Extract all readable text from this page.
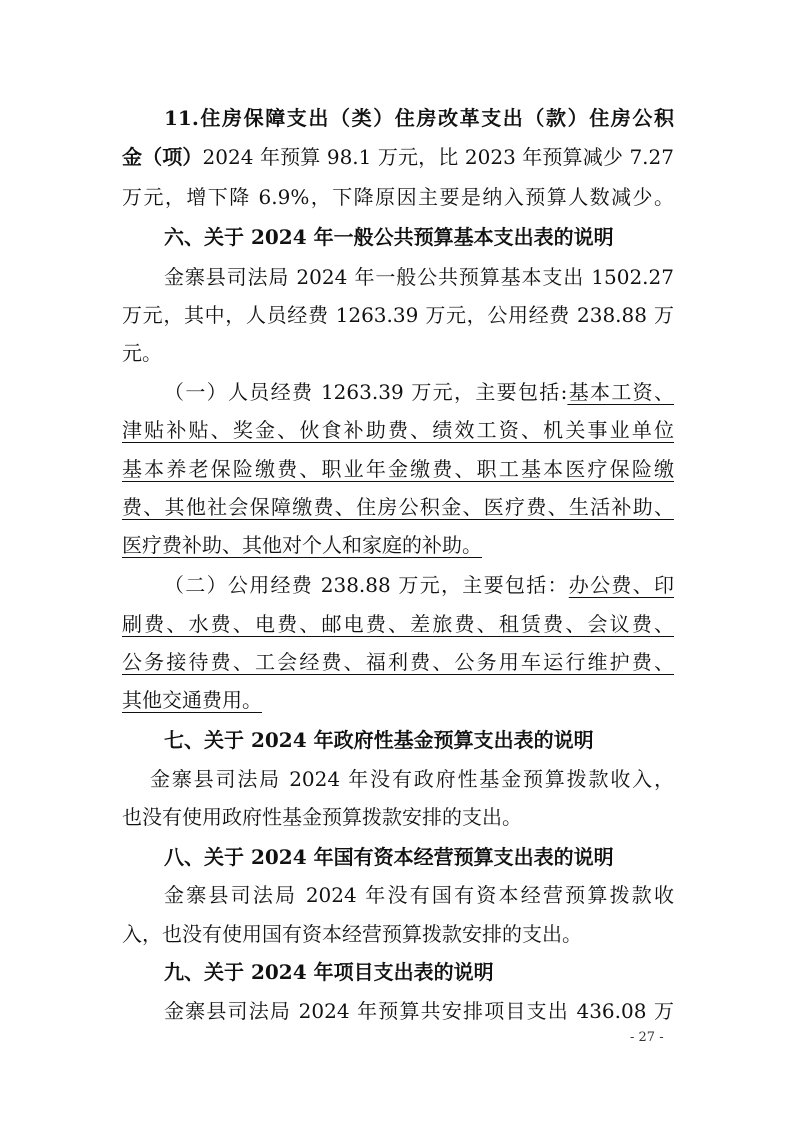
11.住房保障支出（类）住房改革支出（款）住房公积
金（项）2024 年预算 98.1 万元，比 2023 年预算减少 7.27
万元，增下降 6.9%，下降原因主要是纳入预算人数减少。
六、关于 2024 年一般公共预算基本支出表的说明
金寨县司法局 2024 年一般公共预算基本支出 1502.27
万元，其中，人员经费 1263.39 万元，公用经费 238.88 万
元。
（一）人员经费 1263.39 万元，主要包括:基本工资、
津贴补贴、奖金、伙食补助费、绩效工资、机关事业单位
基本养老保险缴费、职业年金缴费、职工基本医疗保险缴
费、其他社会保障缴费、住房公积金、医疗费、生活补助、
医疗费补助、其他对个人和家庭的补助。
（二）公用经费 238.88 万元，主要包括：办公费、印
刷费、水费、电费、邮电费、差旅费、租赁费、会议费、
公务接待费、工会经费、福利费、公务用车运行维护费、
其他交通费用。
七、关于 2024 年政府性基金预算支出表的说明
金寨县司法局 2024 年没有政府性基金预算拨款收入，
也没有使用政府性基金预算拨款安排的支出。
八、关于 2024 年国有资本经营预算支出表的说明
金寨县司法局 2024 年没有国有资本经营预算拨款收
入，也没有使用国有资本经营预算拨款安排的支出。
九、关于 2024 年项目支出表的说明
金寨县司法局 2024 年预算共安排项目支出 436.08 万
- 27 -
